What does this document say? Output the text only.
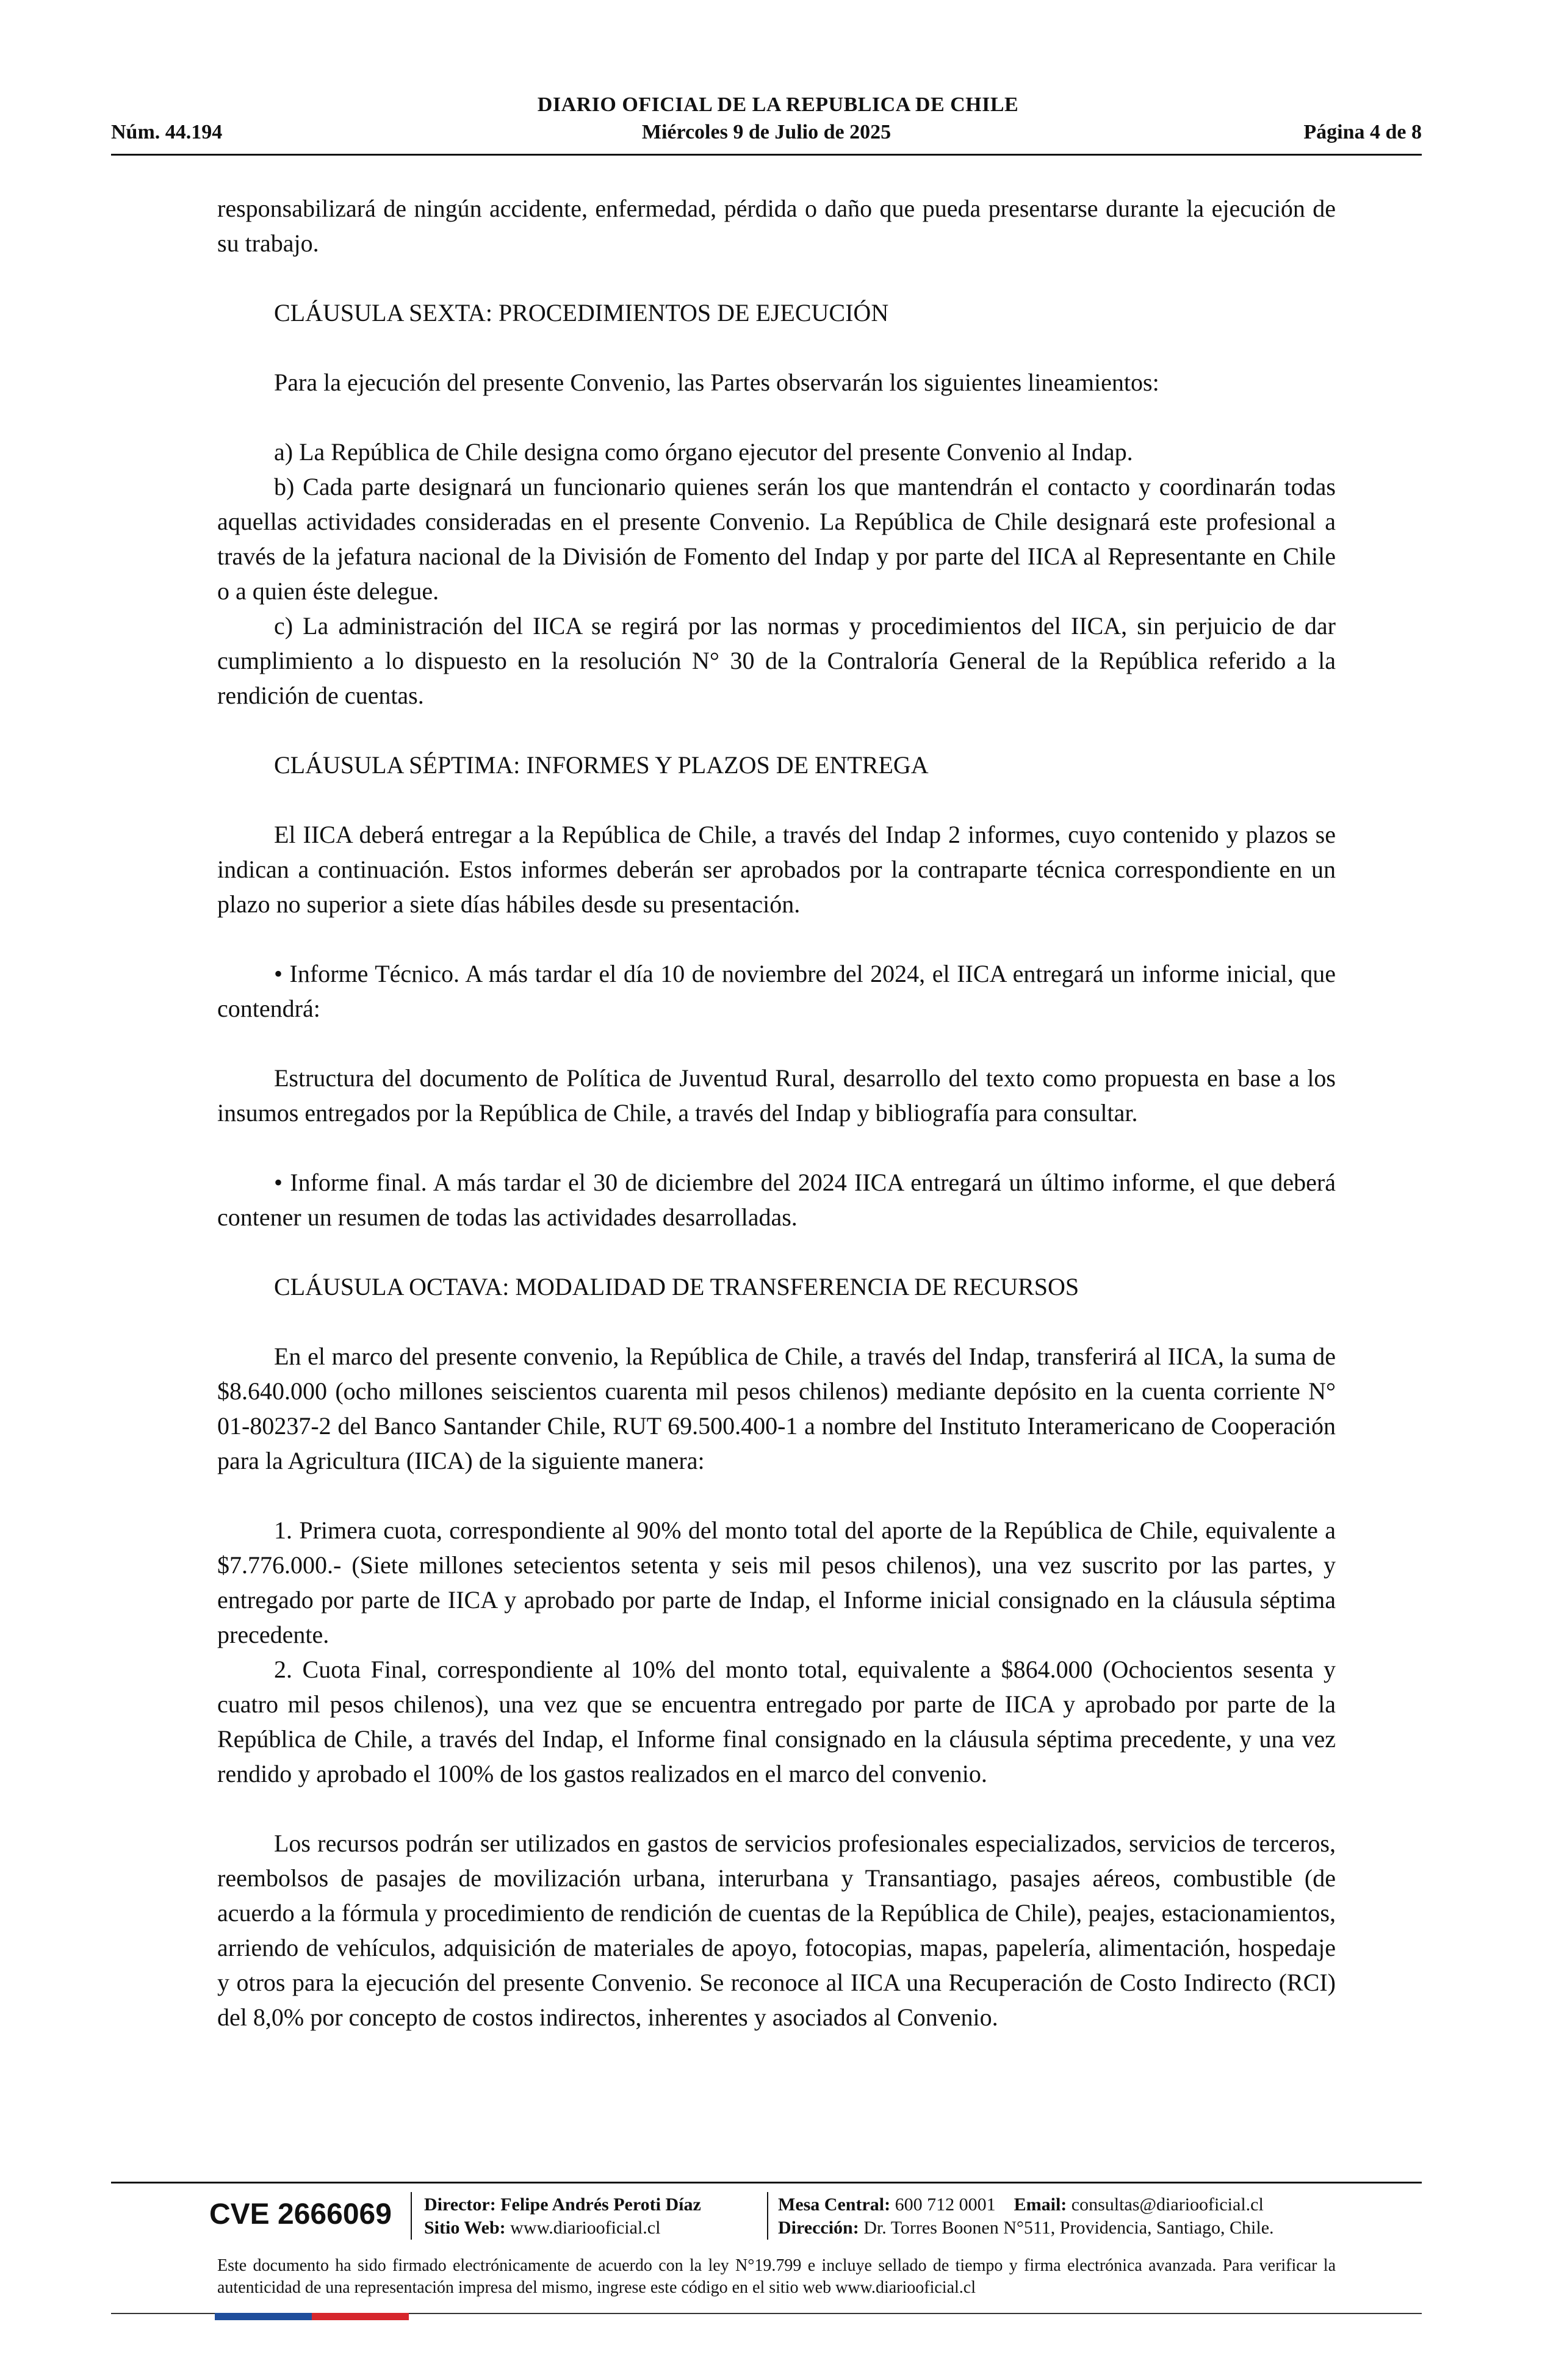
DIARIO OFICIAL DE LA REPUBLICA DE CHILE
Núm. 44.194	Miércoles 9 de Julio de 2025	Página 4 de 8

responsabilizará de ningún accidente, enfermedad, pérdida o daño que pueda presentarse durante la ejecución de su trabajo.

CLÁUSULA SEXTA: PROCEDIMIENTOS DE EJECUCIÓN

Para la ejecución del presente Convenio, las Partes observarán los siguientes lineamientos:

a) La República de Chile designa como órgano ejecutor del presente Convenio al Indap.

b) Cada parte designará un funcionario quienes serán los que mantendrán el contacto y coordinarán todas aquellas actividades consideradas en el presente Convenio. La República de Chile designará este profesional a través de la jefatura nacional de la División de Fomento del Indap y por parte del IICA al Representante en Chile o a quien éste delegue.

c) La administración del IICA se regirá por las normas y procedimientos del IICA, sin perjuicio de dar cumplimiento a lo dispuesto en la resolución N° 30 de la Contraloría General de la República referido a la rendición de cuentas.

CLÁUSULA SÉPTIMA: INFORMES Y PLAZOS DE ENTREGA

El IICA deberá entregar a la República de Chile, a través del Indap 2 informes, cuyo contenido y plazos se indican a continuación. Estos informes deberán ser aprobados por la contraparte técnica correspondiente en un plazo no superior a siete días hábiles desde su presentación.

• Informe Técnico. A más tardar el día 10 de noviembre del 2024, el IICA entregará un informe inicial, que contendrá:

Estructura del documento de Política de Juventud Rural, desarrollo del texto como propuesta en base a los insumos entregados por la República de Chile, a través del Indap y bibliografía para consultar.

• Informe final. A más tardar el 30 de diciembre del 2024 IICA entregará un último informe, el que deberá contener un resumen de todas las actividades desarrolladas.

CLÁUSULA OCTAVA: MODALIDAD DE TRANSFERENCIA DE RECURSOS

En el marco del presente convenio, la República de Chile, a través del Indap, transferirá al IICA, la suma de $8.640.000 (ocho millones seiscientos cuarenta mil pesos chilenos) mediante depósito en la cuenta corriente N° 01-80237-2 del Banco Santander Chile, RUT 69.500.400-1 a nombre del Instituto Interamericano de Cooperación para la Agricultura (IICA) de la siguiente manera:

1. Primera cuota, correspondiente al 90% del monto total del aporte de la República de Chile, equivalente a $7.776.000.- (Siete millones setecientos setenta y seis mil pesos chilenos), una vez suscrito por las partes, y entregado por parte de IICA y aprobado por parte de Indap, el Informe inicial consignado en la cláusula séptima precedente.

2. Cuota Final, correspondiente al 10% del monto total, equivalente a $864.000 (Ochocientos sesenta y cuatro mil pesos chilenos), una vez que se encuentra entregado por parte de IICA y aprobado por parte de la República de Chile, a través del Indap, el Informe final consignado en la cláusula séptima precedente, y una vez rendido y aprobado el 100% de los gastos realizados en el marco del convenio.

Los recursos podrán ser utilizados en gastos de servicios profesionales especializados, servicios de terceros, reembolsos de pasajes de movilización urbana, interurbana y Transantiago, pasajes aéreos, combustible (de acuerdo a la fórmula y procedimiento de rendición de cuentas de la República de Chile), peajes, estacionamientos, arriendo de vehículos, adquisición de materiales de apoyo, fotocopias, mapas, papelería, alimentación, hospedaje y otros para la ejecución del presente Convenio. Se reconoce al IICA una Recuperación de Costo Indirecto (RCI) del 8,0% por concepto de costos indirectos, inherentes y asociados al Convenio.

CVE 2666069	Director: Felipe Andrés Peroti Díaz
Sitio Web: www.diariooficial.cl
Mesa Central: 600 712 0001 Email: consultas@diariooficial.cl
Dirección: Dr. Torres Boonen N°511, Providencia, Santiago, Chile.
Este documento ha sido firmado electrónicamente de acuerdo con la ley N°19.799 e incluye sellado de tiempo y firma electrónica avanzada. Para verificar la autenticidad de una representación impresa del mismo, ingrese este código en el sitio web www.diariooficial.cl
